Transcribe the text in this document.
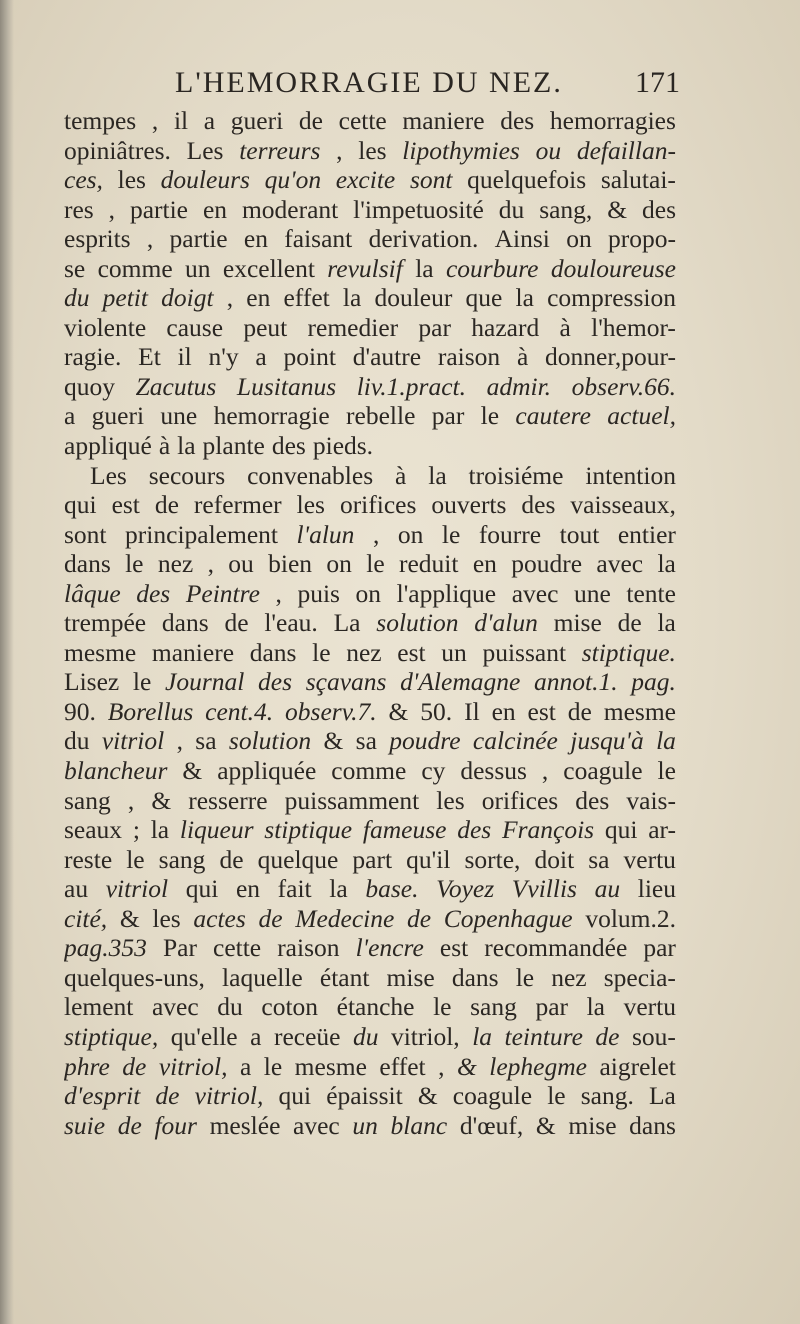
L'HEMORRAGIE DU NEZ. 171
tempes , il a gueri de cette maniere des hemorragies
opiniâtres. Les terreurs , les lipothymies ou defaillan-
ces, les douleurs qu'on excite sont quelquefois salutai-
res , partie en moderant l'impetuosité du sang, & des
esprits , partie en faisant derivation. Ainsi on propo-
se comme un excellent revulsif la courbure douloureuse
du petit doigt , en effet la douleur que la compression
violente cause peut remedier par hazard à l'hemor-
ragie. Et il n'y a point d'autre raison à donner,pour-
quoy Zacutus Lusitanus liv.1.pract. admir. observ.66.
a gueri une hemorragie rebelle par le cautere actuel,
appliqué à la plante des pieds.
Les secours convenables à la troisiéme intention
qui est de refermer les orifices ouverts des vaisseaux,
sont principalement l'alun , on le fourre tout entier
dans le nez , ou bien on le reduit en poudre avec la
lâque des Peintre , puis on l'applique avec une tente
trempée dans de l'eau. La solution d'alun mise de la
mesme maniere dans le nez est un puissant stiptique.
Lisez le Journal des sçavans d'Alemagne annot.1. pag.
90. Borellus cent.4. observ.7. & 50. Il en est de mesme
du vitriol , sa solution & sa poudre calcinée jusqu'à la
blancheur & appliquée comme cy dessus , coagule le
sang , & resserre puissamment les orifices des vais-
seaux ; la liqueur stiptique fameuse des François qui ar-
reste le sang de quelque part qu'il sorte, doit sa vertu
au vitriol qui en fait la base. Voyez Vvillis au lieu
cité, & les actes de Medecine de Copenhague volum.2.
pag.353 Par cette raison l'encre est recommandée par
quelques-uns, laquelle étant mise dans le nez specia-
lement avec du coton étanche le sang par la vertu
stiptique, qu'elle a receüe du vitriol, la teinture de sou-
phre de vitriol, a le mesme effet , & lephegme aigrelet
d'esprit de vitriol, qui épaissit & coagule le sang. La
suie de four meslée avec un blanc d'œuf, & mise dans
